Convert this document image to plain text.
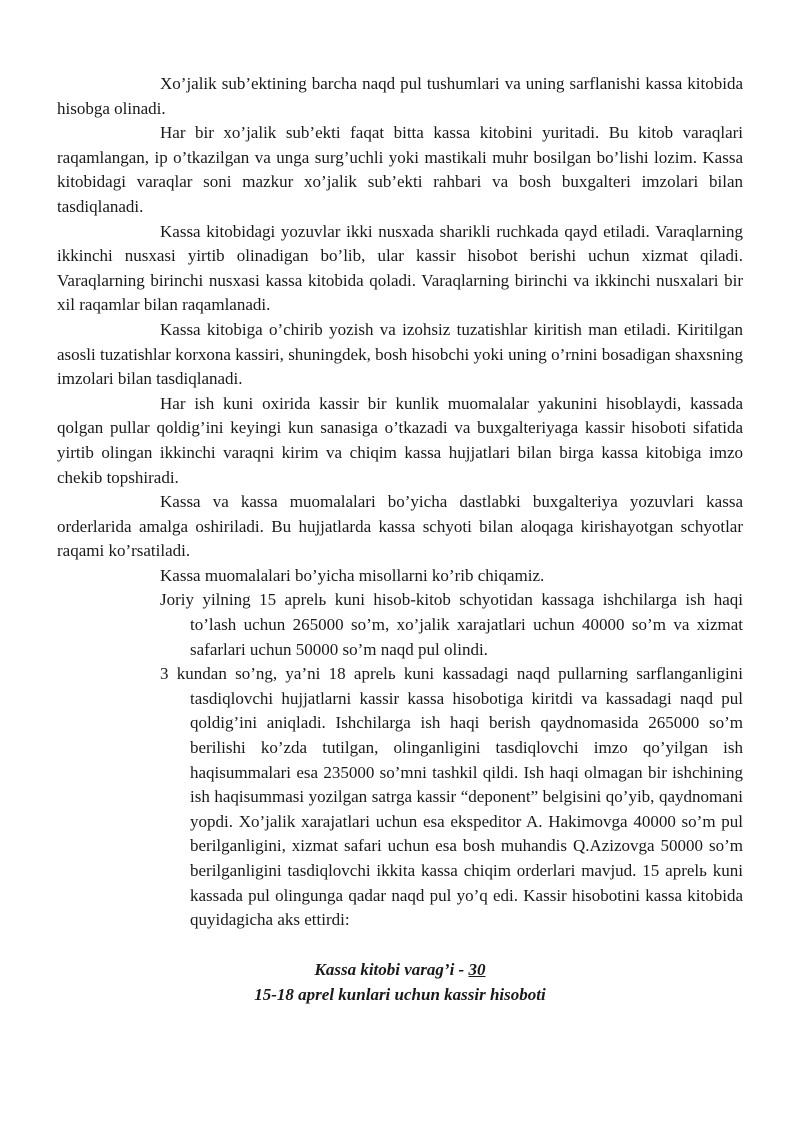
Xo’jalik sub’ektining barcha naqd pul tushumlari va uning sarflanishi kassa kitobida hisobga olinadi.

Har bir xo’jalik sub’ekti faqat bitta kassa kitobini yuritadi. Bu kitob varaqlari raqamlangan, ip o’tkazilgan va unga surg’uchli yoki mastikali muhr bosilgan bo’lishi lozim. Kassa kitobidagi varaqlar soni mazkur xo’jalik sub’ekti rahbari va bosh buxgalteri imzolari bilan tasdiqlanadi.

Kassa kitobidagi yozuvlar ikki nusxada sharikli ruchkada qayd etiladi. Varaqlarning ikkinchi nusxasi yirtib olinadigan bo’lib, ular kassir hisobot berishi uchun xizmat qiladi. Varaqlarning birinchi nusxasi kassa kitobida qoladi. Varaqlarning birinchi va ikkinchi nusxalari bir xil raqamlar bilan raqamlanadi.

Kassa kitobiga o’chirib yozish va izohsiz tuzatishlar kiritish man etiladi. Kiritilgan asosli tuzatishlar korxona kassiri, shuningdek, bosh hisobchi yoki uning o’rnini bosadigan shaxsning imzolari bilan tasdiqlanadi.

Har ish kuni oxirida kassir bir kunlik muomalalar yakunini hisoblaydi, kassada qolgan pullar qoldig’ini keyingi kun sanasiga o’tkazadi va buxgalteriyaga kassir hisoboti sifatida yirtib olingan ikkinchi varaqni kirim va chiqim kassa hujjatlari bilan birga kassa kitobiga imzo chekib topshiradi.

Kassa va kassa muomalalari bo’yicha dastlabki buxgalteriya yozuvlari kassa orderlarida amalga oshiriladi. Bu hujjatlarda kassa schyoti bilan aloqaga kirishayotgan schyotlar raqami ko’rsatiladi.

Kassa muomalalari bo’yicha misollarni ko’rib chiqamiz.

Joriy yilning 15 aprelь kuni hisob-kitob schyotidan kassaga ishchilarga ish haqi to’lash uchun 265000 so’m, xo’jalik xarajatlari uchun 40000 so’m va xizmat safarlari uchun 50000 so’m naqd pul olindi.

3 kundan so’ng, ya’ni 18 aprelь kuni kassadagi naqd pullarning sarflanganligini tasdiqlovchi hujjatlarni kassir kassa hisobotiga kiritdi va kassadagi naqd pul qoldig’ini aniqladi. Ishchilarga ish haqi berish qaydnomasida 265000 so’m berilishi ko’zda tutilgan, olinganligini tasdiqlovchi imzo qo’yilgan ish haqisummalari esa 235000 so’mni tashkil qildi. Ish haqi olmagan bir ishchining ish haqisummasi yozilgan satrga kassir “deponent” belgisini qo’yib, qaydnomani yopdi. Xo’jalik xarajatlari uchun esa ekspeditor A. Hakimovga 40000 so’m pul berilganligini, xizmat safari uchun esa bosh muhandis Q.Azizovga 50000 so’m berilganligini tasdiqlovchi ikkita kassa chiqim orderlari mavjud. 15 aprelь kuni kassada pul olingunga qadar naqd pul yo’q edi. Kassir hisobotini kassa kitobida quyidagicha aks ettirdi:

Kassa kitobi varag’i - 30

15-18 aprel kunlari uchun kassir hisoboti
